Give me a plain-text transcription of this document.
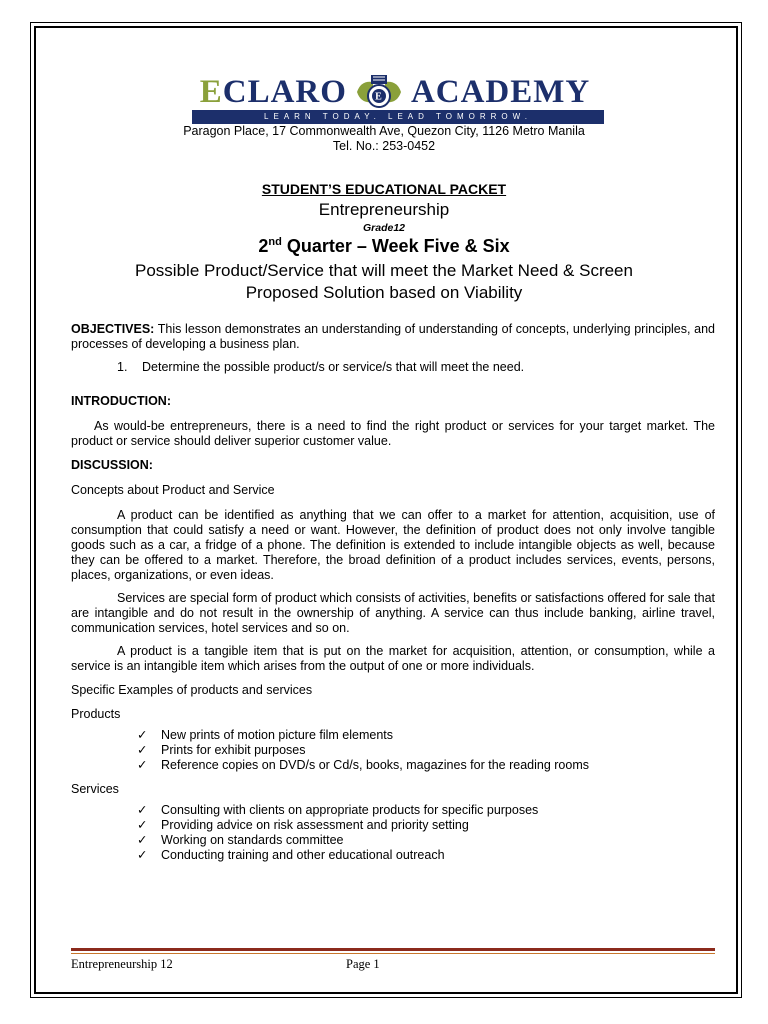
E CLARO	E ACADEMY
LEARN TODAY. LEAD TOMORROW.
Paragon Place, 17 Commonwealth Ave, Quezon City, 1126 Metro Manila
Tel. No.: 253-0452
STUDENT’S EDUCATIONAL PACKET
Entrepreneurship
Grade12
2nd Quarter – Week Five & Six
Possible Product/Service that will meet the Market Need & Screen
Proposed Solution based on Viability

OBJECTIVES: This lesson demonstrates an understanding of understanding of concepts, underlying principles, and processes of developing a business plan.

1. Determine the possible product/s or service/s that will meet the need.

INTRODUCTION:

As would-be entrepreneurs, there is a need to find the right product or services for your target market. The product or service should deliver superior customer value.

DISCUSSION:

Concepts about Product and Service

A product can be identified as anything that we can offer to a market for attention, acquisition, use of consumption that could satisfy a need or want. However, the definition of product does not only involve tangible goods such as a car, a fridge of a phone. The definition is extended to include intangible objects as well, because they can be offered to a market. Therefore, the broad definition of a product includes services, events, persons, places, organizations, or even ideas.

Services are special form of product which consists of activities, benefits or satisfactions offered for sale that are intangible and do not result in the ownership of anything. A service can thus include banking, airline travel, communication services, hotel services and so on.

A product is a tangible item that is put on the market for acquisition, attention, or consumption, while a service is an intangible item which arises from the output of one or more individuals.

Specific Examples of products and services

Products

✓	New prints of motion picture film elements
✓	Prints for exhibit purposes
✓	Reference copies on DVD/s or Cd/s, books, magazines for the reading rooms

Services

✓	Consulting with clients on appropriate products for specific purposes
✓	Providing advice on risk assessment and priority setting
✓	Working on standards committee
✓	Conducting training and other educational outreach
Entrepreneurship 12	Page 1
